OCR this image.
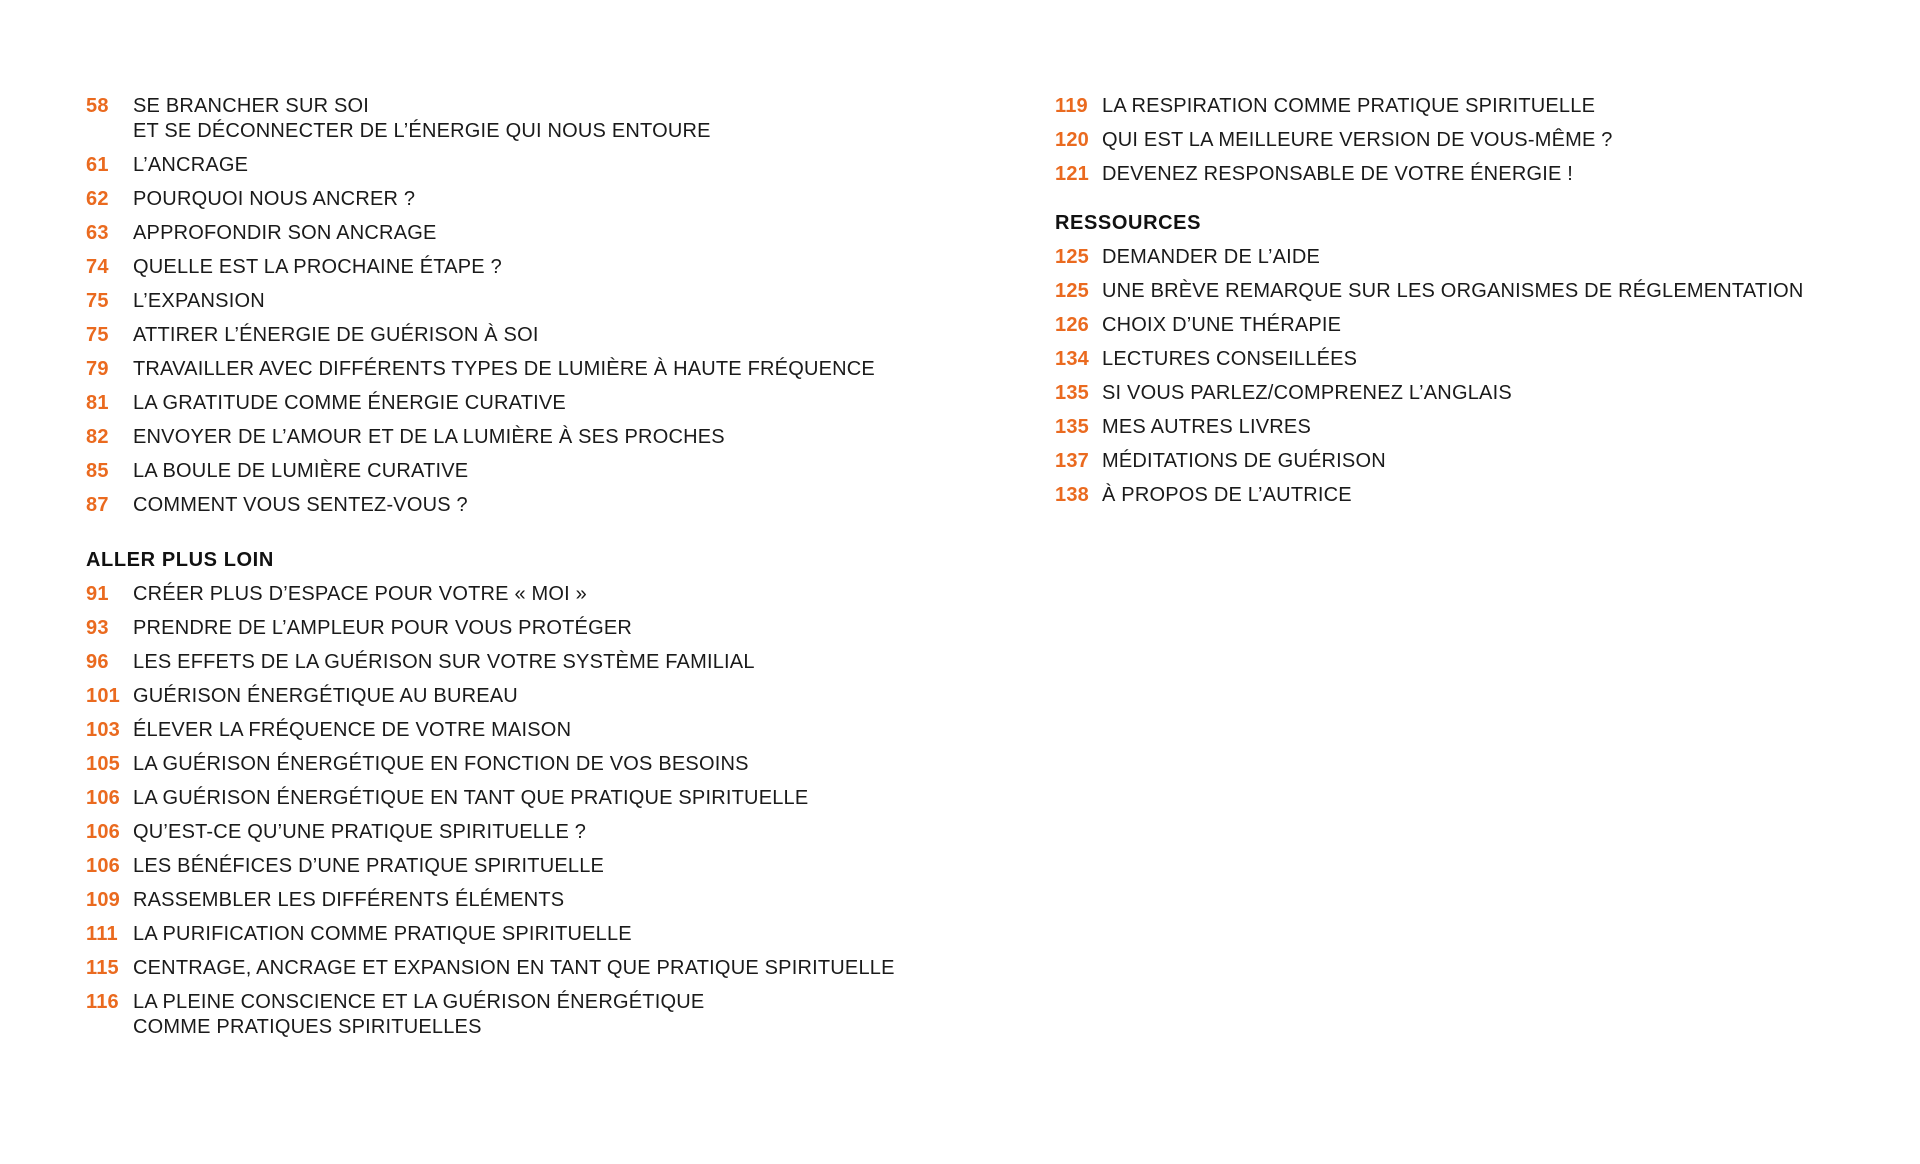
58	SE BRANCHER SUR SOI
ET SE DÉCONNECTER DE L’ÉNERGIE QUI NOUS ENTOURE
61	L’ANCRAGE
62	POURQUOI NOUS ANCRER ?
63	APPROFONDIR SON ANCRAGE
74	QUELLE EST LA PROCHAINE ÉTAPE ?
75	L’EXPANSION
75	ATTIRER L’ÉNERGIE DE GUÉRISON À SOI
79	TRAVAILLER AVEC DIFFÉRENTS TYPES DE LUMIÈRE À HAUTE FRÉQUENCE
81	LA GRATITUDE COMME ÉNERGIE CURATIVE
82	ENVOYER DE L’AMOUR ET DE LA LUMIÈRE À SES PROCHES
85	LA BOULE DE LUMIÈRE CURATIVE
87	COMMENT VOUS SENTEZ-VOUS ?
ALLER PLUS LOIN
91	CRÉER PLUS D’ESPACE POUR VOTRE « MOI »
93	PRENDRE DE L’AMPLEUR POUR VOUS PROTÉGER
96	LES EFFETS DE LA GUÉRISON SUR VOTRE SYSTÈME FAMILIAL
101 GUÉRISON ÉNERGÉTIQUE AU BUREAU
103 ÉLEVER LA FRÉQUENCE DE VOTRE MAISON
105 LA GUÉRISON ÉNERGÉTIQUE EN FONCTION DE VOS BESOINS
106 LA GUÉRISON ÉNERGÉTIQUE EN TANT QUE PRATIQUE SPIRITUELLE
106 QU’EST-CE QU’UNE PRATIQUE SPIRITUELLE ?
106 LES BÉNÉFICES D’UNE PRATIQUE SPIRITUELLE
109 RASSEMBLER LES DIFFÉRENTS ÉLÉMENTS
111 LA PURIFICATION COMME PRATIQUE SPIRITUELLE
115 CENTRAGE, ANCRAGE ET EXPANSION EN TANT QUE PRATIQUE SPIRITUELLE
116 LA PLEINE CONSCIENCE ET LA GUÉRISON ÉNERGÉTIQUE
COMME PRATIQUES SPIRITUELLES
119 LA RESPIRATION COMME PRATIQUE SPIRITUELLE
120 QUI EST LA MEILLEURE VERSION DE VOUS-MÊME ?
121 DEVENEZ RESPONSABLE DE VOTRE ÉNERGIE !
RESSOURCES
125 DEMANDER DE L’AIDE
125 UNE BRÈVE REMARQUE SUR LES ORGANISMES DE RÉGLEMENTATION
126 CHOIX D’UNE THÉRAPIE
134 LECTURES CONSEILLÉES
135 SI VOUS PARLEZ/COMPRENEZ L’ANGLAIS
135 MES AUTRES LIVRES
137 MÉDITATIONS DE GUÉRISON
138 À PROPOS DE L’AUTRICE
